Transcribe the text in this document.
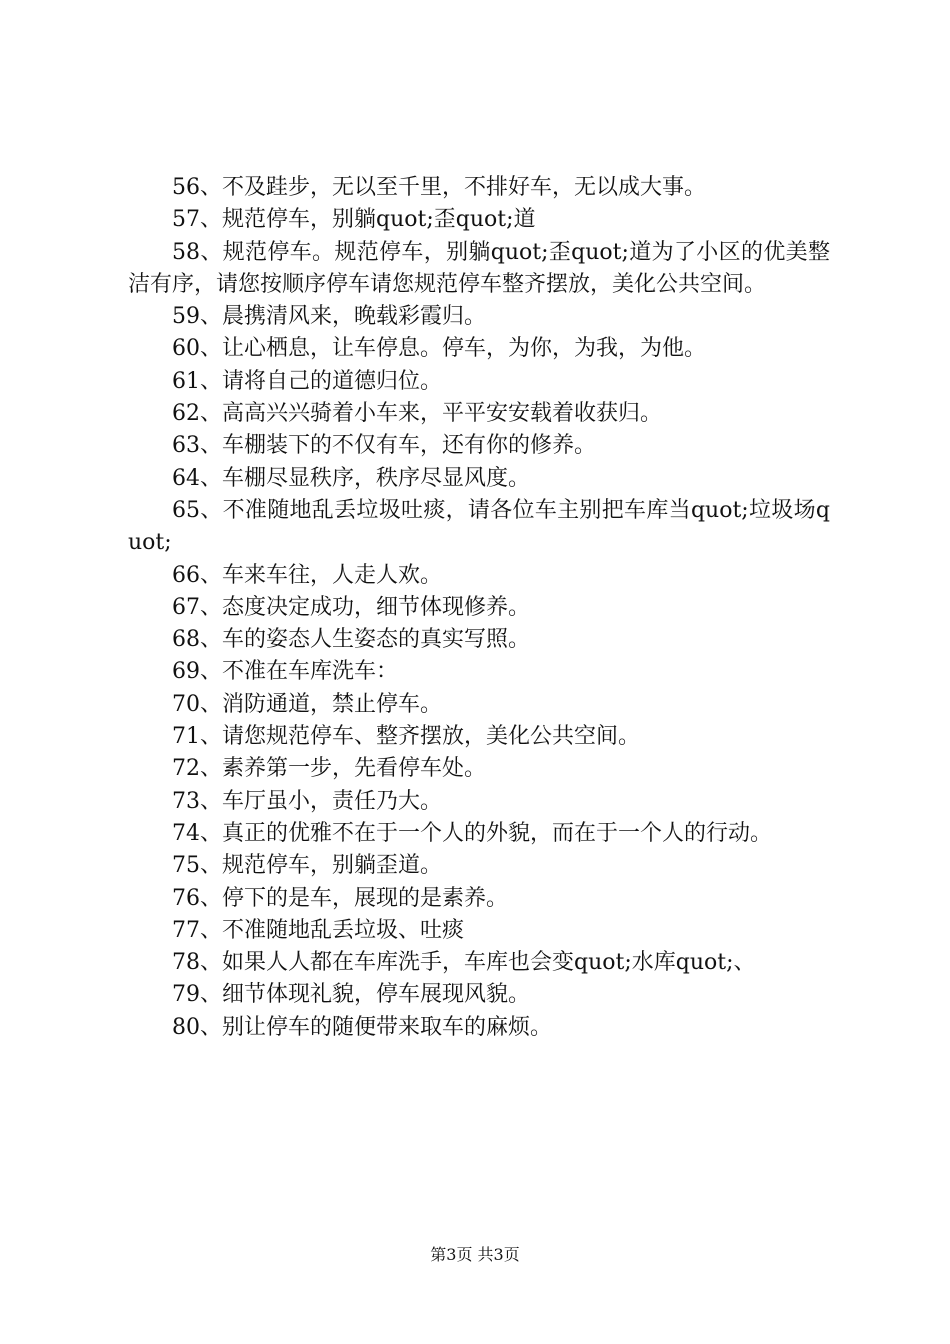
56、不及跬步，无以至千里，不排好车，无以成大事。

57、规范停车，别躺quot;歪quot;道

58、规范停车。规范停车，别躺quot;歪quot;道为了小区的优美整洁有序，请您按顺序停车请您规范停车整齐摆放，美化公共空间。

59、晨携清风来，晚载彩霞归。

60、让心栖息，让车停息。停车，为你，为我，为他。

61、请将自己的道德归位。

62、高高兴兴骑着小车来，平平安安载着收获归。

63、车棚装下的不仅有车，还有你的修养。

64、车棚尽显秩序，秩序尽显风度。

65、不准随地乱丢垃圾吐痰，请各位车主别把车库当quot;垃圾场quot;

66、车来车往，人走人欢。

67、态度决定成功，细节体现修养。

68、车的姿态人生姿态的真实写照。

69、不准在车库洗车：

70、消防通道，禁止停车。

71、请您规范停车、整齐摆放，美化公共空间。

72、素养第一步，先看停车处。

73、车厅虽小，责任乃大。

74、真正的优雅不在于一个人的外貌，而在于一个人的行动。

75、规范停车，别躺歪道。

76、停下的是车，展现的是素养。

77、不准随地乱丢垃圾、吐痰

78、如果人人都在车库洗手，车库也会变quot;水库quot;、

79、细节体现礼貌，停车展现风貌。

80、别让停车的随便带来取车的麻烦。

第3页 共3页
